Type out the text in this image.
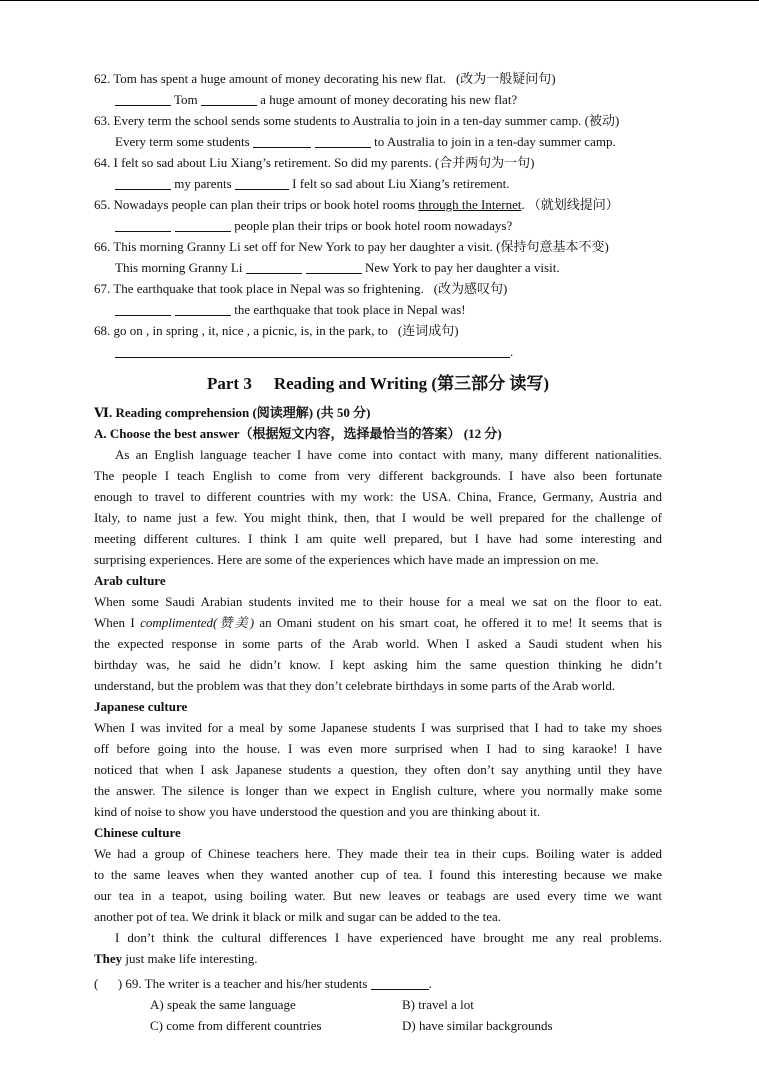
62. Tom has spent a huge amount of money decorating his new flat. (改为一般疑问句)
Tom	a huge amount of money decorating his new flat?
63. Every term the school sends some students to Australia to join in a ten-day summer camp. (被动)
Every term some students	to Australia to join in a ten-day summer camp.
64. I felt so sad about Liu Xiang’s retirement. So did my parents. (合并两句为一句)
my parents	I felt so sad about Liu Xiang’s retirement.
65. Nowadays people can plan their trips or book hotel rooms through the Internet. （就划线提问）
people plan their trips or book hotel room nowadays?
66. This morning Granny Li set off for New York to pay her daughter a visit. (保持句意基本不变)
This morning Granny Li	New York to pay her daughter a visit.
67. The earthquake that took place in Nepal was so frightening. (改为感叹句)
the earthquake that took place in Nepal was!
68. go on , in spring , it, nice , a picnic, is, in the park, to (连词成句)
.
Part 3 Reading and Writing (第三部分 读写)
Ⅵ. Reading comprehension (阅读理解) (共 50 分)
A. Choose the best answer（根据短文内容，选择最恰当的答案） (12 分)
As an English language teacher I have come into contact with many, many different nationalities.
The people I teach English to come from very different backgrounds. I have also been fortunate
enough to travel to different countries with my work: the USA. China, France, Germany, Austria and
Italy, to name just a few. You might think, then, that I would be well prepared for the challenge of
meeting different cultures. I think I am quite well prepared, but I have had some interesting and
surprising experiences. Here are some of the experiences which have made an impression on me.
Arab culture
When some Saudi Arabian students invited me to their house for a meal we sat on the floor to eat.
When I complimented(赞美) an Omani student on his smart coat, he offered it to me! It seems that is
the expected response in some parts of the Arab world. When I asked a Saudi student when his
birthday was, he said he didn’t know. I kept asking him the same question thinking he didn’t
understand, but the problem was that they don’t celebrate birthdays in some parts of the Arab world.
Japanese culture
When I was invited for a meal by some Japanese students I was surprised that I had to take my shoes
off before going into the house. I was even more surprised when I had to sing karaoke! I have
noticed that when I ask Japanese students a question, they often don’t say anything until they have
the answer. The silence is longer than we expect in English culture, where you normally make some
kind of noise to show you have understood the question and you are thinking about it.
Chinese culture
We had a group of Chinese teachers here. They made their tea in their cups. Boiling water is added
to the same leaves when they wanted another cup of tea. I found this interesting because we make
our tea in a teapot, using boiling water. But new leaves or teabags are used every time we want
another pot of tea. We drink it black or milk and sugar can be added to the tea.
I don’t think the cultural differences I have experienced have brought me any real problems.
They just make life interesting.
(      ) 69. The writer is a teacher and his/her students	.
A) speak the same language	B) travel a lot
C) come from different countries	D) have similar backgrounds
